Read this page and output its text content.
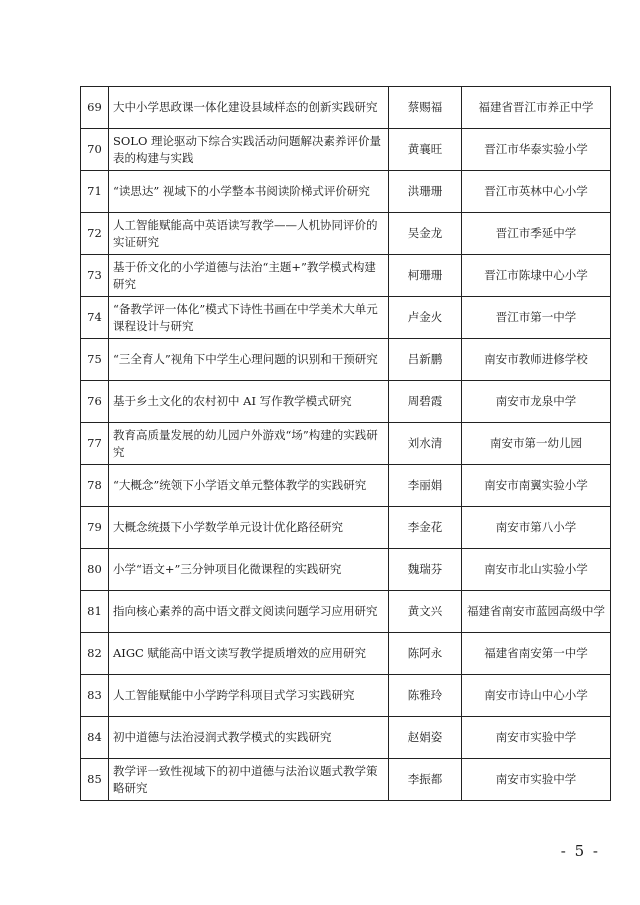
69	大中小学思政课一体化建设县域样态的创新实践研究	蔡赐福	福建省晋江市养正中学
70	SOLO 理论驱动下综合实践活动问题解决素养评价量表的构建与实践	黄襄旺	晋江市华泰实验小学
71	“读思达” 视域下的小学整本书阅读阶梯式评价研究	洪珊珊	晋江市英林中心小学
72	人工智能赋能高中英语读写教学——人机协同评价的实证研究	吴金龙	晋江市季延中学
73	基于侨文化的小学道德与法治“主题+”教学模式构建研究	柯珊珊	晋江市陈埭中心小学
74	“备教学评一体化”模式下诗性书画在中学美术大单元课程设计与研究	卢金火	晋江市第一中学
75	“三全育人”视角下中学生心理问题的识别和干预研究	吕新鹏	南安市教师进修学校
76	基于乡土文化的农村初中 AI 写作教学模式研究	周碧霞	南安市龙泉中学
77	教育高质量发展的幼儿园户外游戏“场”构建的实践研究	刘水清	南安市第一幼儿园
78	“大概念”统领下小学语文单元整体教学的实践研究	李丽娟	南安市南翼实验小学
79	大概念统摄下小学数学单元设计优化路径研究	李金花	南安市第八小学
80	小学“语文+”三分钟项目化微课程的实践研究	魏瑞芬	南安市北山实验小学
81	指向核心素养的高中语文群文阅读问题学习应用研究	黄文兴	福建省南安市蓝园高级中学
82	AIGC 赋能高中语文读写教学提质增效的应用研究	陈阿永	福建省南安第一中学
83	人工智能赋能中小学跨学科项目式学习实践研究	陈雅玲	南安市诗山中心小学
84	初中道德与法治浸润式教学模式的实践研究	赵娟姿	南安市实验中学
85	教学评一致性视域下的初中道德与法治议题式教学策略研究	李振都	南安市实验中学
- 5 -
